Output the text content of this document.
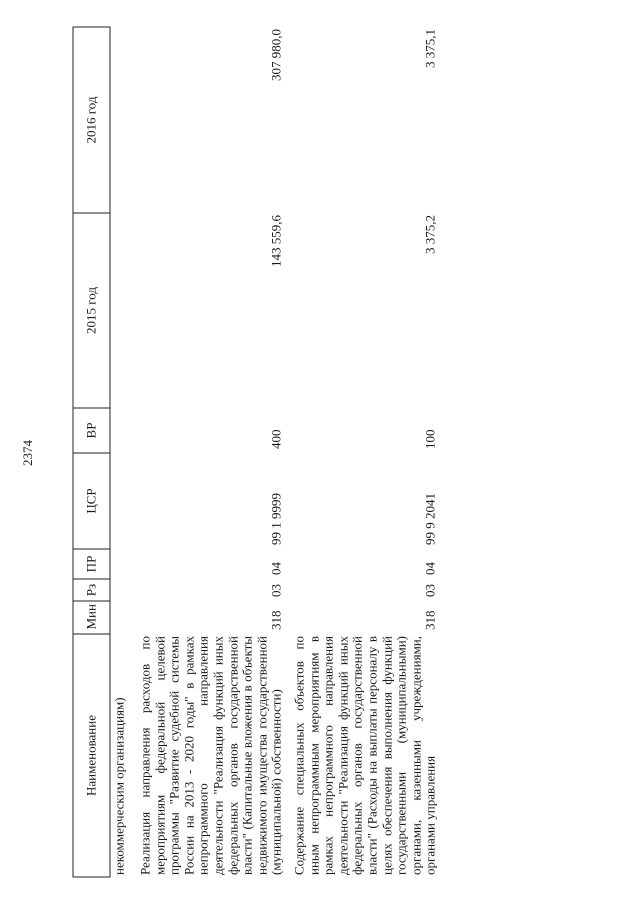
2374
Наименование	Мин	Рз	ПР	ЦСР	ВР	2015 год	2016 год
некоммерческим организациям)							

Реализация направления расходов по мероприятиям федеральной целевой программы "Развитие судебной системы России на 2013 - 2020 годы" в рамках непрограммного направления деятельности "Реализация функций иных федеральных органов государственной власти" (Капитальные вложения в объекты недвижимого имущества государственной (муниципальной) собственности)	318	03	04	99 1 9999	400	143 559,6	307 980,0

Содержание специальных объектов по иным непрограммным мероприятиям в рамках непрограммного направления деятельности "Реализация функций иных федеральных органов государственной власти" (Расходы на выплаты персоналу в целях обеспечения выполнения функций государственными (муниципальными) органами, казенными учреждениями, органами управления	318	03	04	99 9 2041	100	3 375,2	3 375,1
